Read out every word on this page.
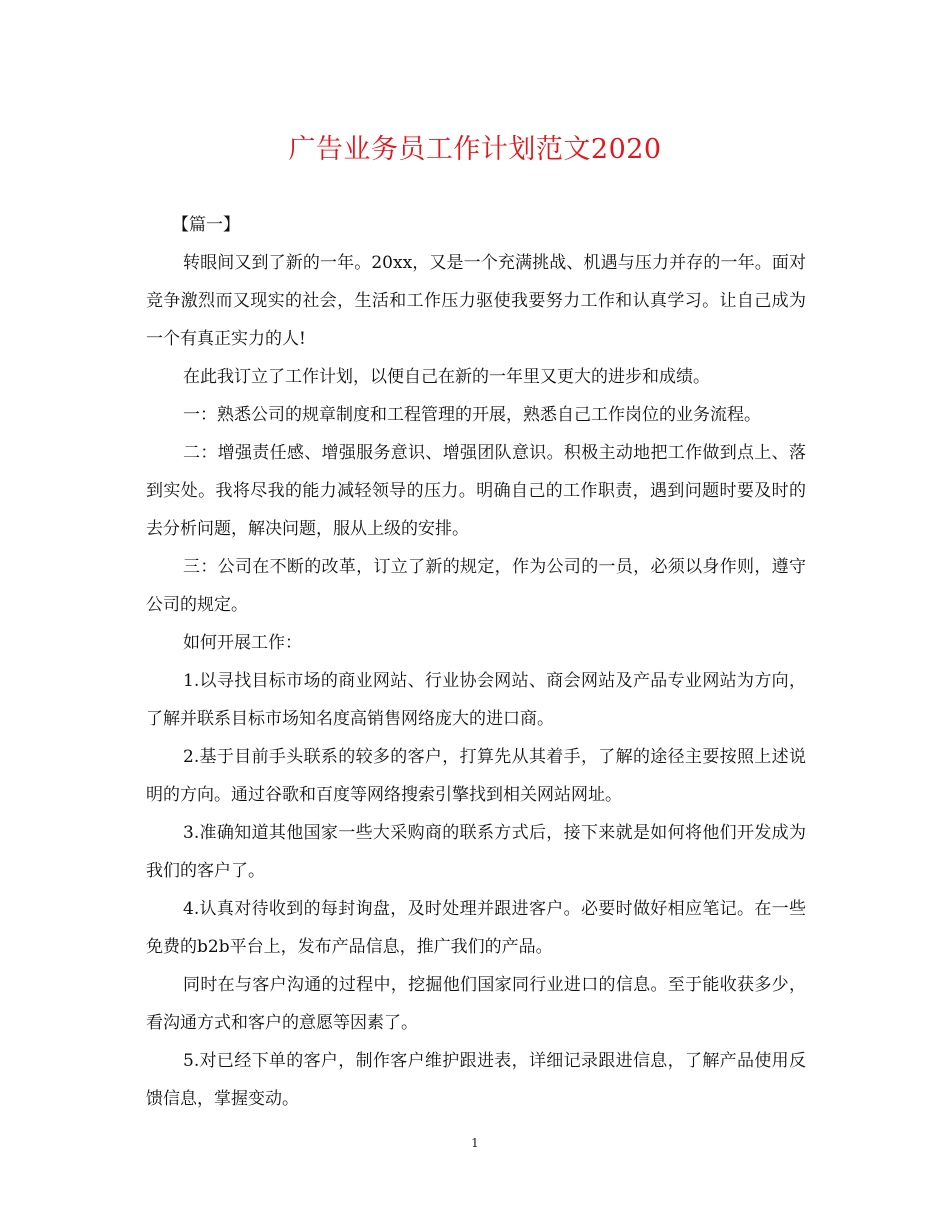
广告业务员工作计划范文2020

【篇一】

转眼间又到了新的一年。20xx，又是一个充满挑战、机遇与压力并存的一年。面对竞争激烈而又现实的社会，生活和工作压力驱使我要努力工作和认真学习。让自己成为一个有真正实力的人!

在此我订立了工作计划，以便自己在新的一年里又更大的进步和成绩。

一：熟悉公司的规章制度和工程管理的开展，熟悉自己工作岗位的业务流程。

二：增强责任感、增强服务意识、增强团队意识。积极主动地把工作做到点上、落到实处。我将尽我的能力减轻领导的压力。明确自己的工作职责，遇到问题时要及时的去分析问题，解决问题，服从上级的安排。

三：公司在不断的改革，订立了新的规定，作为公司的一员，必须以身作则，遵守公司的规定。

如何开展工作：

1.以寻找目标市场的商业网站、行业协会网站、商会网站及产品专业网站为方向，了解并联系目标市场知名度高销售网络庞大的进口商。

2.基于目前手头联系的较多的客户，打算先从其着手，了解的途径主要按照上述说明的方向。通过谷歌和百度等网络搜索引擎找到相关网站网址。

3.准确知道其他国家一些大采购商的联系方式后，接下来就是如何将他们开发成为我们的客户了。

4.认真对待收到的每封询盘，及时处理并跟进客户。必要时做好相应笔记。在一些免费的b2b平台上，发布产品信息，推广我们的产品。

同时在与客户沟通的过程中，挖掘他们国家同行业进口的信息。至于能收获多少，看沟通方式和客户的意愿等因素了。

5.对已经下单的客户，制作客户维护跟进表，详细记录跟进信息，了解产品使用反馈信息，掌握变动。

1
